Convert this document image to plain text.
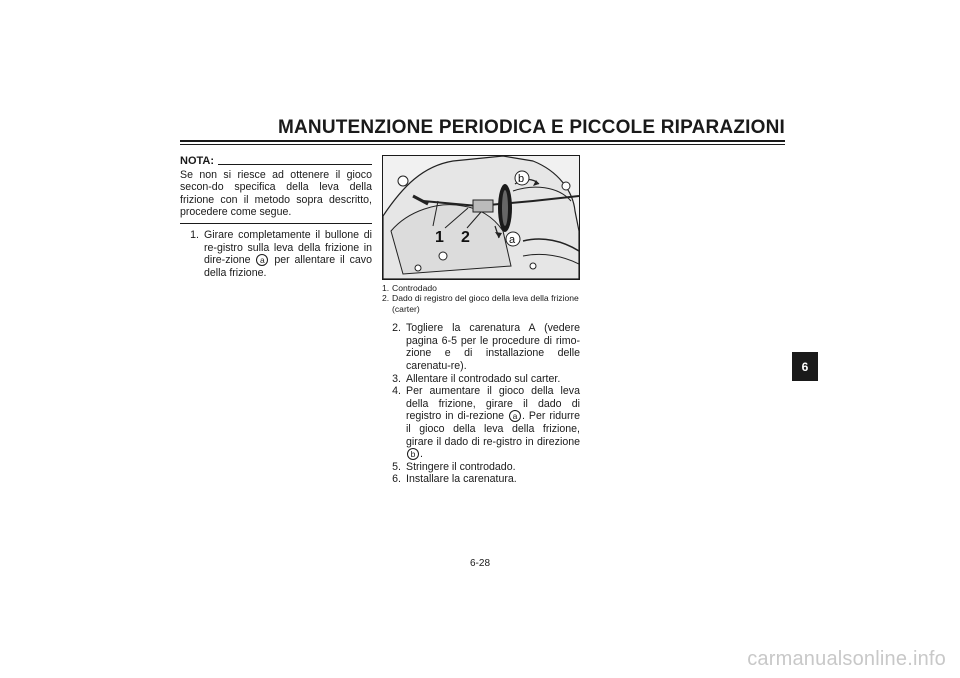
MANUTENZIONE PERIODICA E PICCOLE RIPARAZIONI
NOTA:
Se non si riesce ad ottenere il gioco secon-do specifica della leva della frizione con il metodo sopra descritto, procedere come segue.
1. Girare completamente il bullone di re-gistro sulla leva della frizione in dire-zione a per allentare il cavo della frizione.
1 2	a
b
1. Controdado
2. Dado di registro del gioco della leva della frizione (carter)
2. Togliere la carenatura A (vedere pagina 6-5 per le procedure di rimo-zione e di installazione delle carenatu-re).
3. Allentare il controdado sul carter.
4. Per aumentare il gioco della leva della frizione, girare il dado di registro in di-rezione a . Per ridurre il gioco della leva della frizione, girare il dado di re-gistro in direzione b .
5. Stringere il controdado.
6. Installare la carenatura.
6-28
6
carmanualsonline.info
